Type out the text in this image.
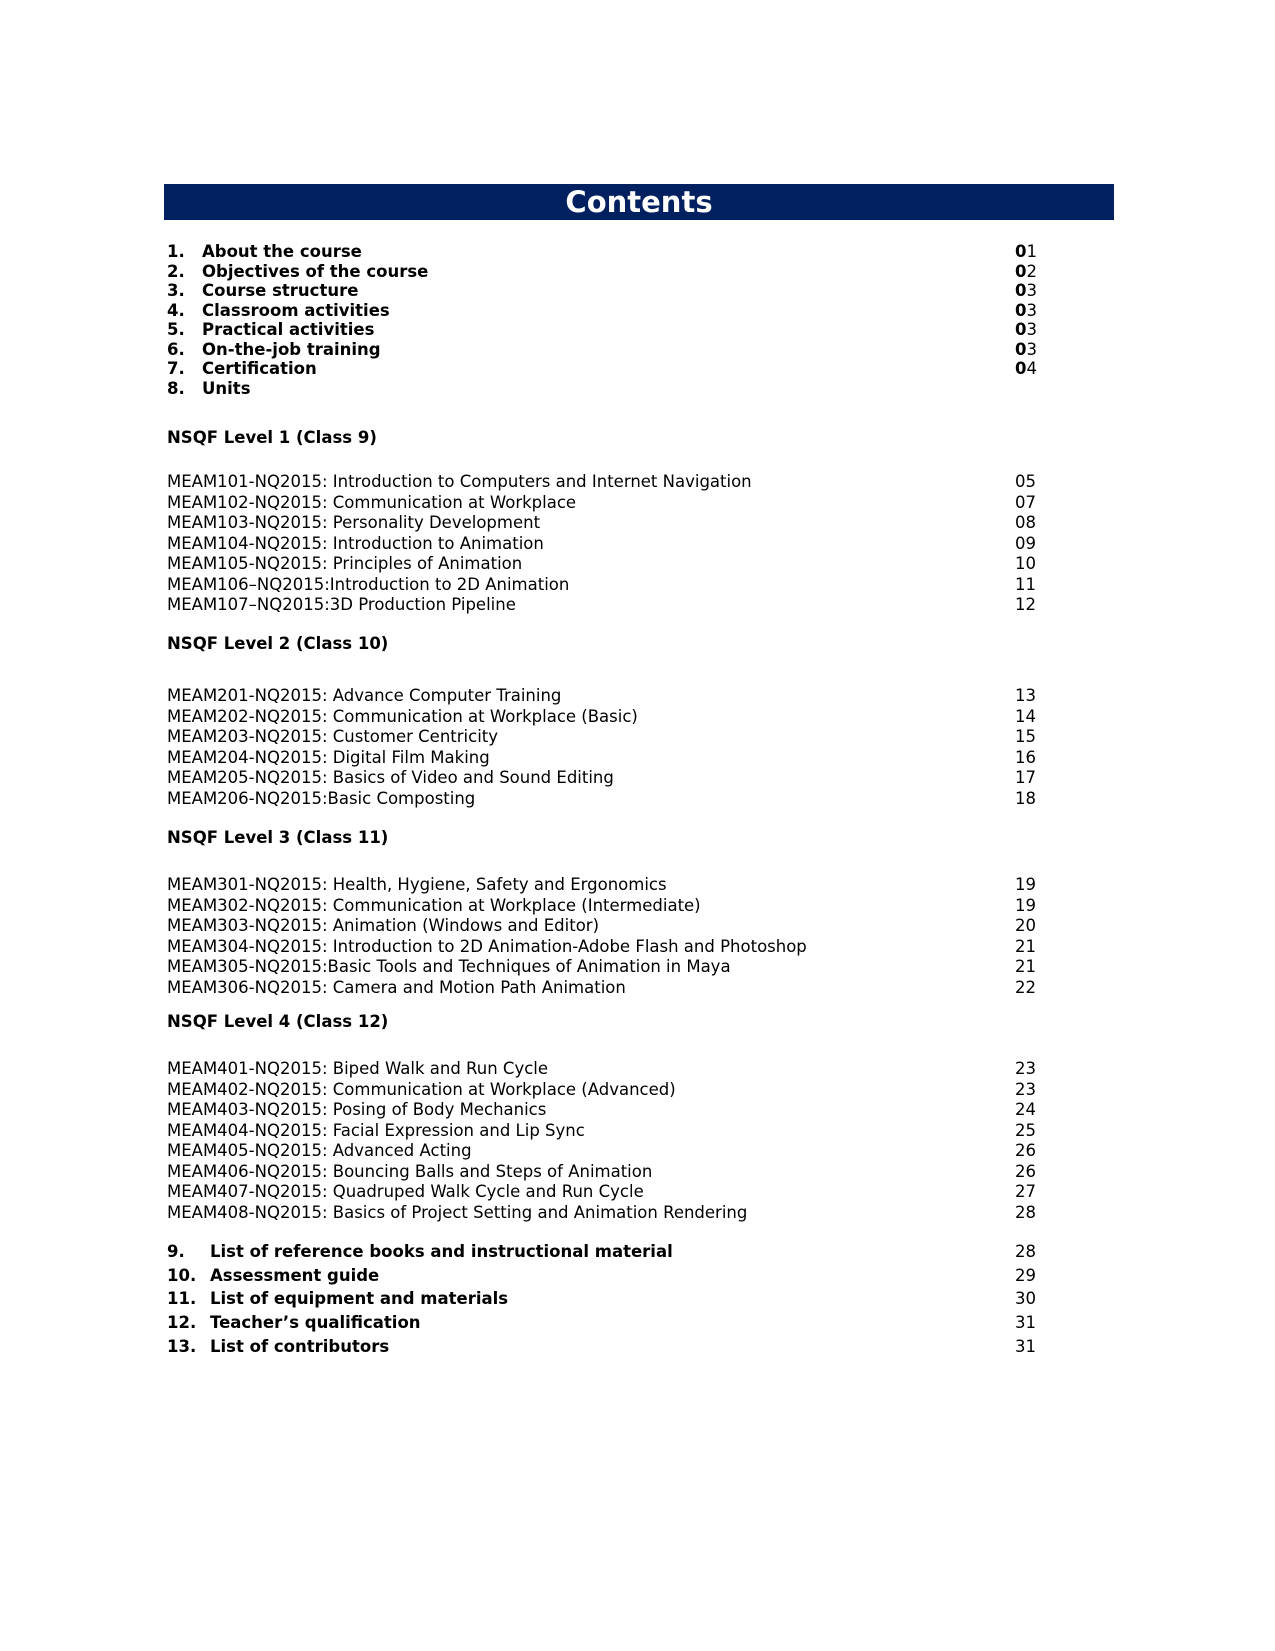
Contents
1. About the course	01
2. Objectives of the course	02
3. Course structure	03
4. Classroom activities	03
5. Practical activities	03
6. On-the-job training	03
7. Certification	04
8. Units
NSQF Level 1 (Class 9)
MEAM101-NQ2015: Introduction to Computers and Internet Navigation	05
MEAM102-NQ2015: Communication at Workplace	07
MEAM103-NQ2015: Personality Development	08
MEAM104-NQ2015: Introduction to Animation	09
MEAM105-NQ2015: Principles of Animation	10
MEAM106–NQ2015:Introduction to 2D Animation	11
MEAM107–NQ2015:3D Production Pipeline	12
NSQF Level 2 (Class 10)
MEAM201-NQ2015: Advance Computer Training	13
MEAM202-NQ2015: Communication at Workplace (Basic)	14
MEAM203-NQ2015: Customer Centricity	15
MEAM204-NQ2015: Digital Film Making	16
MEAM205-NQ2015: Basics of Video and Sound Editing	17
MEAM206-NQ2015:Basic Composting	18
NSQF Level 3 (Class 11)
MEAM301-NQ2015: Health, Hygiene, Safety and Ergonomics	19
MEAM302-NQ2015: Communication at Workplace (Intermediate)	19
MEAM303-NQ2015: Animation (Windows and Editor)	20
MEAM304-NQ2015: Introduction to 2D Animation-Adobe Flash and Photoshop	21
MEAM305-NQ2015:Basic Tools and Techniques of Animation in Maya	21
MEAM306-NQ2015: Camera and Motion Path Animation	22
NSQF Level 4 (Class 12)
MEAM401-NQ2015: Biped Walk and Run Cycle	23
MEAM402-NQ2015: Communication at Workplace (Advanced)	23
MEAM403-NQ2015: Posing of Body Mechanics	24
MEAM404-NQ2015: Facial Expression and Lip Sync	25
MEAM405-NQ2015: Advanced Acting	26
MEAM406-NQ2015: Bouncing Balls and Steps of Animation	26
MEAM407-NQ2015: Quadruped Walk Cycle and Run Cycle	27
MEAM408-NQ2015: Basics of Project Setting and Animation Rendering	28
9. List of reference books and instructional material	28
10. Assessment guide	29
11. List of equipment and materials	30
12. Teacher’s qualification	31
13. List of contributors	31
